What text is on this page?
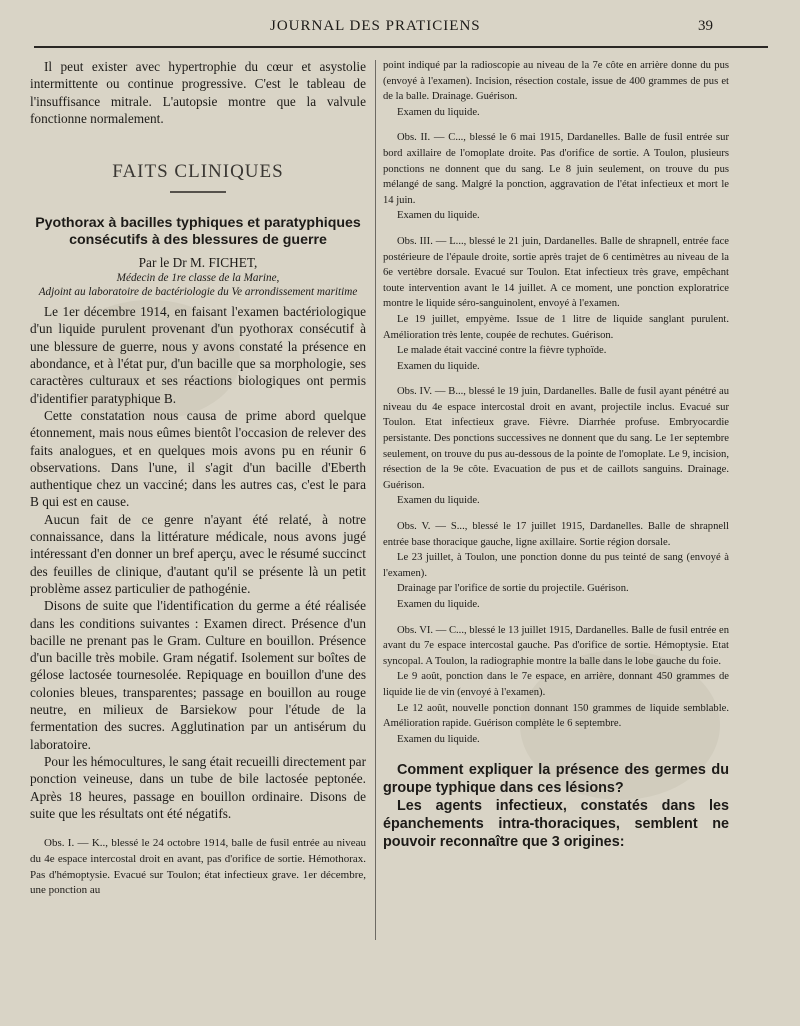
JOURNAL DES PRATICIENS	39

Il peut exister avec hypertrophie du cœur et asystolie intermittente ou continue progressive. C'est le tableau de l'insuffisance mitrale. L'autopsie montre que la valvule fonctionne normalement.

FAITS CLINIQUES
Pyothorax à bacilles typhiques et paratyphiques consécutifs à des blessures de guerre
Par le Dr M. FICHET,
Médecin de 1re classe de la Marine,
Adjoint au laboratoire de bactériologie du Ve arrondissement maritime

Le 1er décembre 1914, en faisant l'examen bactériologique d'un liquide purulent provenant d'un pyothorax consécutif à une blessure de guerre, nous y avons constaté la présence en abondance, et à l'état pur, d'un bacille que sa morphologie, ses caractères culturaux et ses réactions biologiques ont permis d'identifier paratyphique B.

Cette constatation nous causa de prime abord quelque étonnement, mais nous eûmes bientôt l'occasion de relever des faits analogues, et en quelques mois avons pu en réunir 6 observations. Dans l'une, il s'agit d'un bacille d'Eberth authentique chez un vacciné; dans les autres cas, c'est le para B qui est en cause.

Aucun fait de ce genre n'ayant été relaté, à notre connaissance, dans la littérature médicale, nous avons jugé intéressant d'en donner un bref aperçu, avec le résumé succinct des feuilles de clinique, d'autant qu'il se présente là un petit problème assez particulier de pathogénie.

Disons de suite que l'identification du germe a été réalisée dans les conditions suivantes : Examen direct. Présence d'un bacille ne prenant pas le Gram. Culture en bouillon. Présence d'un bacille très mobile. Gram négatif. Isolement sur boîtes de gélose lactosée tournesolée. Repiquage en bouillon d'une des colonies bleues, transparentes; passage en bouillon au rouge neutre, en milieux de Barsiekow pour l'étude de la fermentation des sucres. Agglutination par un antisérum du laboratoire.

Pour les hémocultures, le sang était recueilli directement par ponction veineuse, dans un tube de bile lactosée peptonée. Après 18 heures, passage en bouillon ordinaire. Disons de suite que les résultats ont été négatifs.

Obs. I. — K.., blessé le 24 octobre 1914, balle de fusil entrée au niveau du 4e espace intercostal droit en avant, pas d'orifice de sortie. Hémothorax. Pas d'hémoptysie. Evacué sur Toulon; état infectieux grave. 1er décembre, une ponction au

point indiqué par la radioscopie au niveau de la 7e côte en arrière donne du pus (envoyé à l'examen). Incision, résection costale, issue de 400 grammes de pus et de la balle. Drainage. Guérison.

Examen du liquide.

Obs. II. — C..., blessé le 6 mai 1915, Dardanelles. Balle de fusil entrée sur bord axillaire de l'omoplate droite. Pas d'orifice de sortie. A Toulon, plusieurs ponctions ne donnent que du sang. Le 8 juin seulement, on trouve du pus mélangé de sang. Malgré la ponction, aggravation de l'état infectieux et mort le 14 juin.

Examen du liquide.

Obs. III. — L..., blessé le 21 juin, Dardanelles. Balle de shrapnell, entrée face postérieure de l'épaule droite, sortie après trajet de 6 centimètres au niveau de la 6e vertèbre dorsale. Evacué sur Toulon. Etat infectieux très grave, empêchant toute intervention avant le 14 juillet. A ce moment, une ponction exploratrice montre le liquide séro-sanguinolent, envoyé à l'examen.

Le 19 juillet, empyème. Issue de 1 litre de liquide sanglant purulent. Amélioration très lente, coupée de rechutes. Guérison.

Le malade était vacciné contre la fièvre typhoïde.

Examen du liquide.

Obs. IV. — B..., blessé le 19 juin, Dardanelles. Balle de fusil ayant pénétré au niveau du 4e espace intercostal droit en avant, projectile inclus. Evacué sur Toulon. Etat infectieux grave. Fièvre. Diarrhée profuse. Embryocardie persistante. Des ponctions successives ne donnent que du sang. Le 1er septembre seulement, on trouve du pus au-dessous de la pointe de l'omoplate. Le 9, incision, résection de la 9e côte. Evacuation de pus et de caillots sanguins. Drainage. Guérison.

Examen du liquide.

Obs. V. — S..., blessé le 17 juillet 1915, Dardanelles. Balle de shrapnell entrée base thoracique gauche, ligne axillaire. Sortie région dorsale.

Le 23 juillet, à Toulon, une ponction donne du pus teinté de sang (envoyé à l'examen).

Drainage par l'orifice de sortie du projectile. Guérison.

Examen du liquide.

Obs. VI. — C..., blessé le 13 juillet 1915, Dardanelles. Balle de fusil entrée en avant du 7e espace intercostal gauche. Pas d'orifice de sortie. Hémoptysie. Etat syncopal. A Toulon, la radiographie montre la balle dans le lobe gauche du foie.

Le 9 août, ponction dans le 7e espace, en arrière, donnant 450 grammes de liquide lie de vin (envoyé à l'examen).

Le 12 août, nouvelle ponction donnant 150 grammes de liquide semblable. Amélioration rapide. Guérison complète le 6 septembre.

Examen du liquide.

Comment expliquer la présence des germes du groupe typhique dans ces lésions?

Les agents infectieux, constatés dans les épanchements intra-thoraciques, semblent ne pouvoir reconnaître que 3 origines:
